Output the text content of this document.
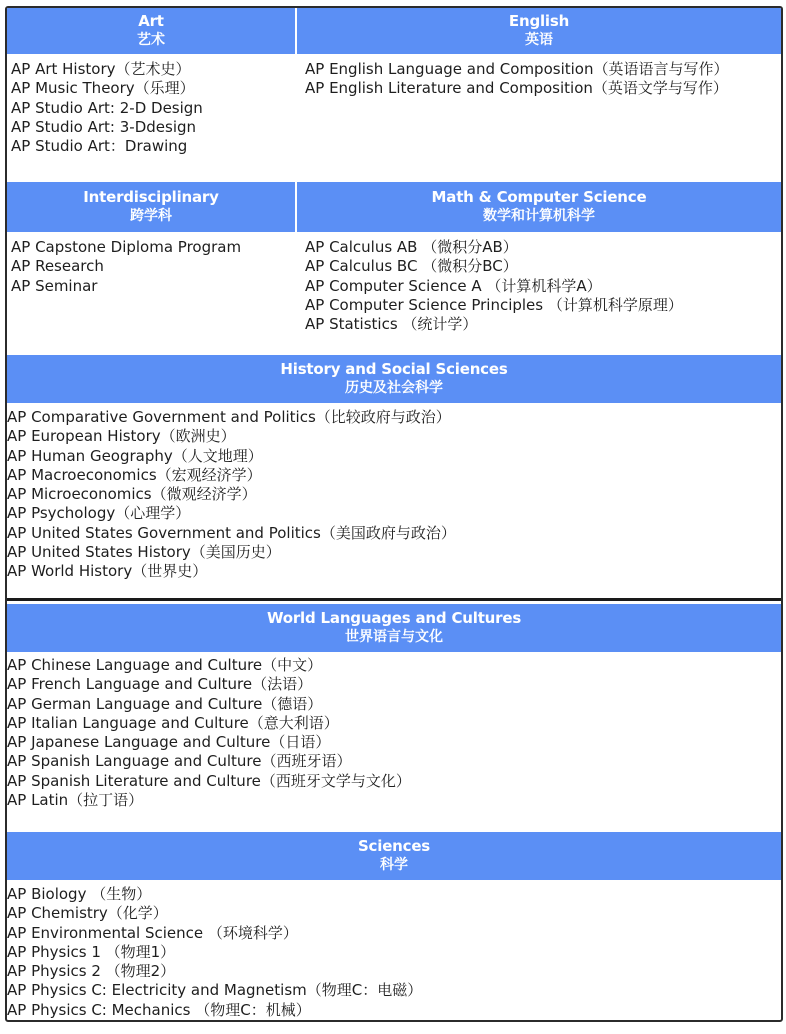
Art
艺术
English
英语
AP Art History（艺术史）
AP Music Theory（乐理）
AP Studio Art: 2-D Design
AP Studio Art: 3-Ddesign
AP Studio Art：Drawing
AP English Language and Composition（英语语言与写作）
AP English Literature and Composition（英语文学与写作）
Interdisciplinary
跨学科
Math & Computer Science
数学和计算机科学
AP Capstone Diploma Program
AP Research
AP Seminar
AP Calculus AB （微积分AB）
AP Calculus BC （微积分BC）
AP Computer Science A （计算机科学A）
AP Computer Science Principles （计算机科学原理）
AP Statistics （统计学）
History and Social Sciences
历史及社会科学
AP Comparative Government and Politics（比较政府与政治）
AP European History（欧洲史）
AP Human Geography（人文地理）
AP Macroeconomics（宏观经济学）
AP Microeconomics（微观经济学）
AP Psychology（心理学）
AP United States Government and Politics（美国政府与政治）
AP United States History（美国历史）
AP World History（世界史）
World Languages and Cultures
世界语言与文化
AP Chinese Language and Culture（中文）
AP French Language and Culture（法语）
AP German Language and Culture（德语）
AP Italian Language and Culture（意大利语）
AP Japanese Language and Culture（日语）
AP Spanish Language and Culture（西班牙语）
AP Spanish Literature and Culture（西班牙文学与文化）
AP Latin（拉丁语）
Sciences
科学
AP Biology （生物）
AP Chemistry（化学）
AP Environmental Science （环境科学）
AP Physics 1 （物理1）
AP Physics 2 （物理2）
AP Physics C: Electricity and Magnetism（物理C：电磁）
AP Physics C: Mechanics （物理C：机械）
